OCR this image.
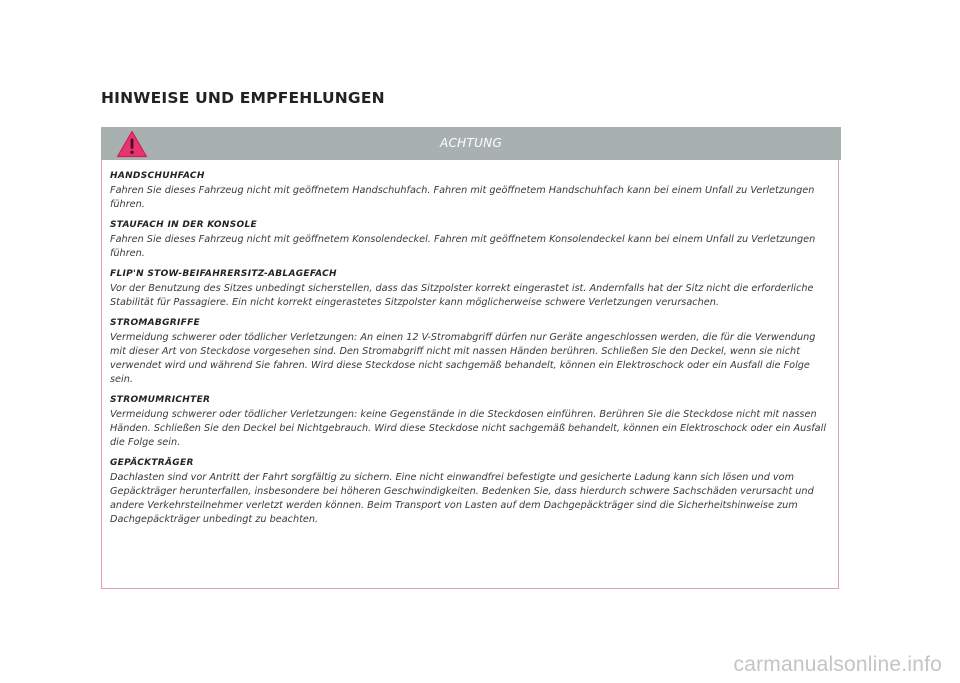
HINWEISE UND EMPFEHLUNGEN
ACHTUNG

HANDSCHUHFACH

Fahren Sie dieses Fahrzeug nicht mit geöffnetem Handschuhfach. Fahren mit geöffnetem Handschuhfach kann bei einem Unfall zu Verletzungen führen.

STAUFACH IN DER KONSOLE

Fahren Sie dieses Fahrzeug nicht mit geöffnetem Konsolendeckel. Fahren mit geöffnetem Konsolendeckel kann bei einem Unfall zu Verletzungen führen.

FLIP'N STOW-BEIFAHRERSITZ-ABLAGEFACH

Vor der Benutzung des Sitzes unbedingt sicherstellen, dass das Sitzpolster korrekt eingerastet ist. Andernfalls hat der Sitz nicht die erforderliche Stabilität für Passagiere. Ein nicht korrekt eingerastetes Sitzpolster kann möglicherweise schwere Verletzungen verursachen.

STROMABGRIFFE

Vermeidung schwerer oder tödlicher Verletzungen: An einen 12 V-Stromabgriff dürfen nur Geräte angeschlossen werden, die für die Verwendung mit dieser Art von Steckdose vorgesehen sind. Den Stromabgriff nicht mit nassen Händen berühren. Schließen Sie den Deckel, wenn sie nicht verwendet wird und während Sie fahren. Wird diese Steckdose nicht sachgemäß behandelt, können ein Elektroschock oder ein Ausfall die Folge sein.

STROMUMRICHTER

Vermeidung schwerer oder tödlicher Verletzungen: keine Gegenstände in die Steckdosen einführen. Berühren Sie die Steckdose nicht mit nassen Händen. Schließen Sie den Deckel bei Nichtgebrauch. Wird diese Steckdose nicht sachgemäß behandelt, können ein Elektroschock oder ein Ausfall die Folge sein.

GEPÄCKTRÄGER

Dachlasten sind vor Antritt der Fahrt sorgfältig zu sichern. Eine nicht einwandfrei befestigte und gesicherte Ladung kann sich lösen und vom Gepäckträger herunterfallen, insbesondere bei höheren Geschwindigkeiten. Bedenken Sie, dass hierdurch schwere Sachschäden verursacht und andere Verkehrsteilnehmer verletzt werden können. Beim Transport von Lasten auf dem Dachgepäckträger sind die Sicherheitshinweise zum Dachgepäckträger unbedingt zu beachten.

carmanualsonline.info
